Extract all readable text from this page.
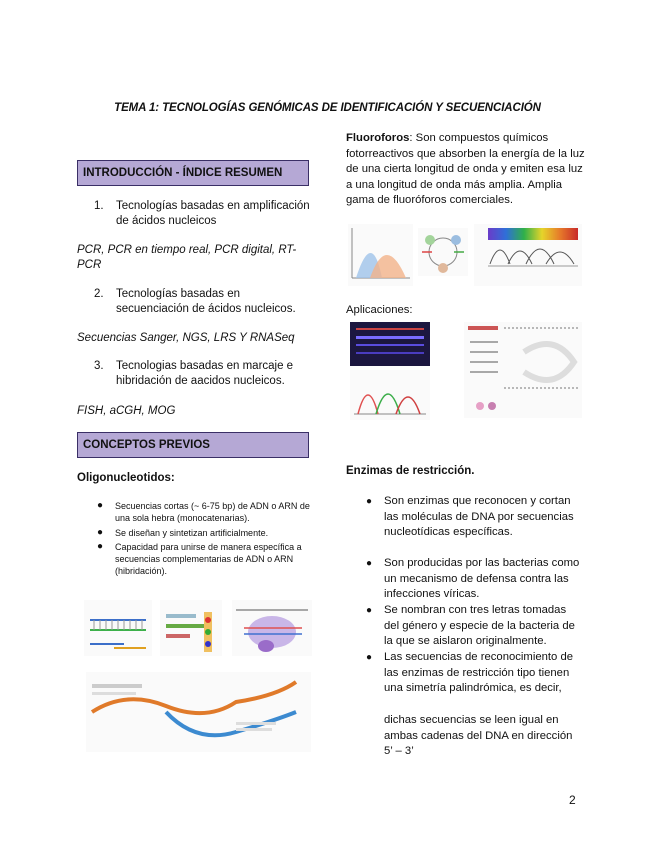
TEMA 1: TECNOLOGÍAS GENÓMICAS DE IDENTIFICACIÓN Y SECUENCIACIÓN
INTRODUCCIÓN - ÍNDICE RESUMEN
1. Tecnologías basadas en amplificación de ácidos nucleicos
PCR, PCR en tiempo real, PCR digital, RT-PCR
2. Tecnologías basadas en secuenciación de ácidos nucleicos.
Secuencias Sanger, NGS, LRS Y RNASeq
3. Tecnologias basadas en marcaje e hibridación de aacidos nucleicos.
FISH, aCGH, MOG
CONCEPTOS PREVIOS
Oligonucleotidos:
● Secuencias cortas (~ 6-75 bp) de ADN o ARN de una sola hebra (monocatenarias).
● Se diseñan y sintetizan artificialmente.
● Capacidad para unirse de manera específica a secuencias complementarias de ADN o ARN (hibridación).
Fluoroforos: Son compuestos químicos fotorreactivos que absorben la energía de la luz de una cierta longitud de onda y emiten esa luz a una longitud de onda más amplia. Amplia gama de fluoróforos comerciales.
Aplicaciones:
Enzimas de restricción.
● Son enzimas que reconocen y cortan las moléculas de DNA por secuencias nucleotídicas específicas.
● Son producidas por las bacterias como un mecanismo de defensa contra las infecciones víricas.
● Se nombran con tres letras tomadas del género y especie de la bacteria de la que se aislaron originalmente.
● Las secuencias de reconocimiento de las enzimas de restricción tipo tienen una simetría palindrómica, es decir,
dichas secuencias se leen igual en ambas cadenas del DNA en dirección 5’ – 3’
2
